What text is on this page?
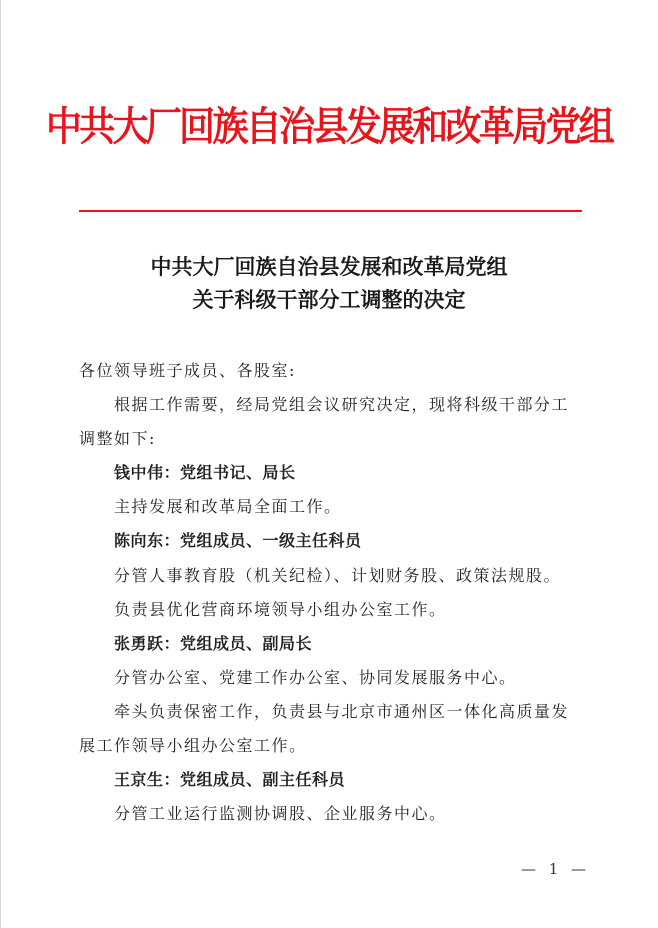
中共大厂回族自治县发展和改革局党组
中共大厂回族自治县发展和改革局党组
关于科级干部分工调整的决定
各位领导班子成员、各股室:
根据工作需要，经局党组会议研究决定，现将科级干部分工
调整如下:
钱中伟：党组书记、局长
主持发展和改革局全面工作。
陈向东：党组成员、一级主任科员
分管人事教育股（机关纪检）、计划财务股、政策法规股。
负责县优化营商环境领导小组办公室工作。
张勇跃：党组成员、副局长
分管办公室、党建工作办公室、协同发展服务中心。
牵头负责保密工作，负责县与北京市通州区一体化高质量发
展工作领导小组办公室工作。
王京生：党组成员、副主任科员
分管工业运行监测协调股、企业服务中心。
— 1 —
